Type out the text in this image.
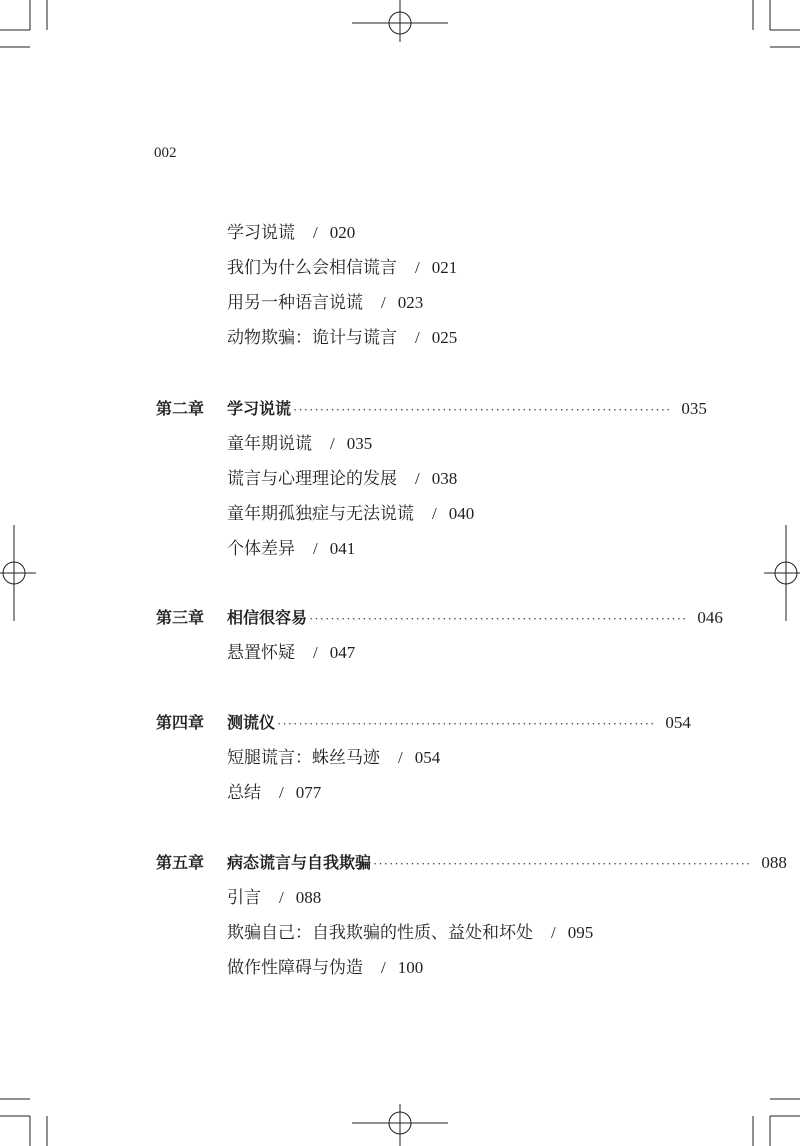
002
学习说谎 / 020
我们为什么会相信谎言 / 021
用另一种语言说谎 / 023
动物欺骗：诡计与谎言 / 025
第二章	学习说谎 ······································································· 035
童年期说谎 / 035
谎言与心理理论的发展 / 038
童年期孤独症与无法说谎 / 040
个体差异 / 041
第三章	相信很容易 ······································································· 046
悬置怀疑 / 047
第四章	测谎仪 ······································································· 054
短腿谎言：蛛丝马迹 / 054
总结 / 077
第五章	病态谎言与自我欺骗 ······································································· 088
引言 / 088
欺骗自己：自我欺骗的性质、益处和坏处 / 095
做作性障碍与伪造 / 100
